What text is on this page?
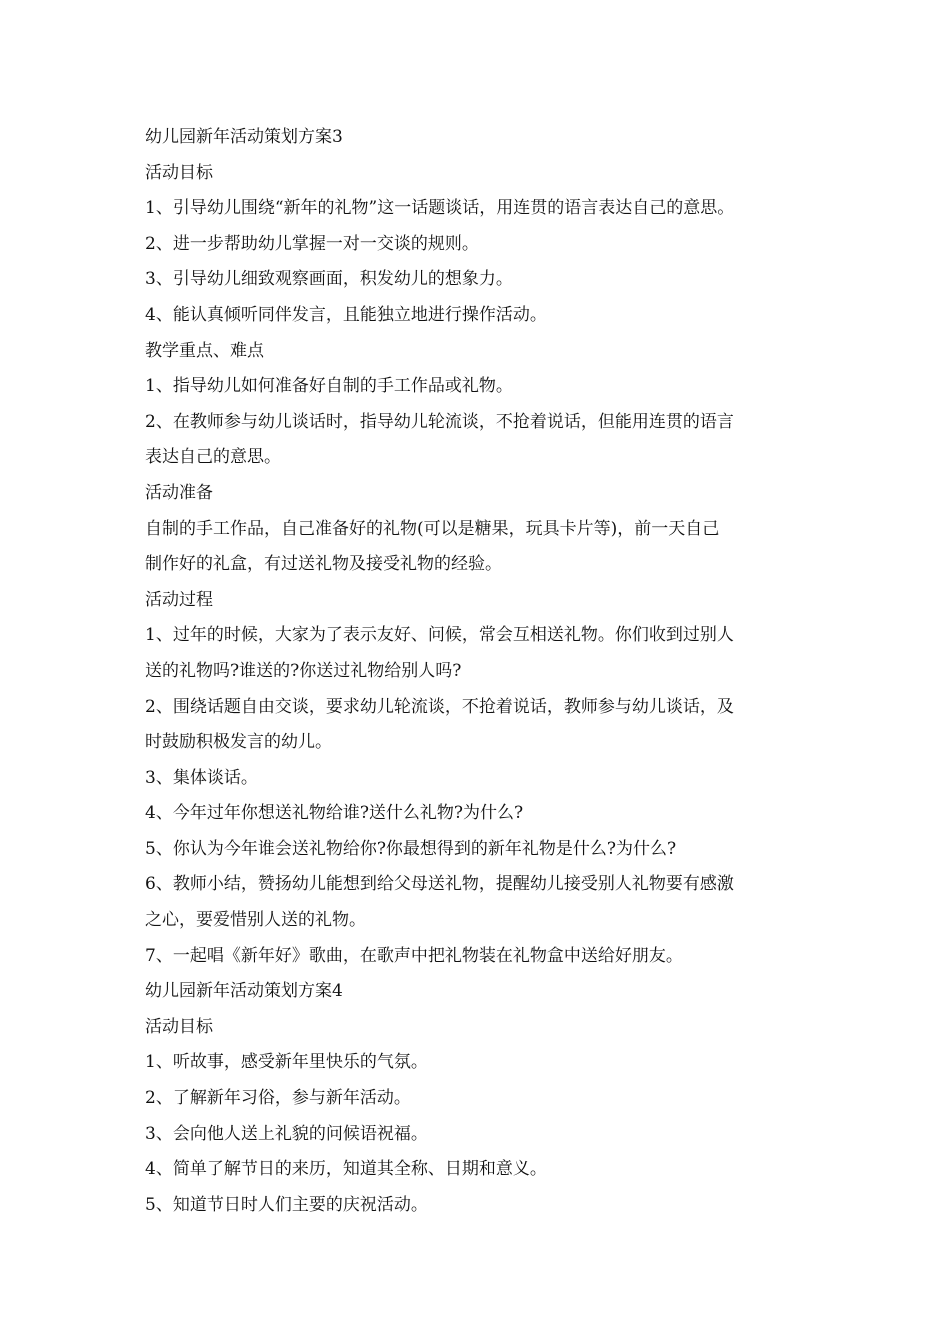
幼儿园新年活动策划方案3
活动目标
1、引导幼儿围绕“新年的礼物”这一话题谈话，用连贯的语言表达自己的意思。
2、进一步帮助幼儿掌握一对一交谈的规则。
3、引导幼儿细致观察画面，积发幼儿的想象力。
4、能认真倾听同伴发言，且能独立地进行操作活动。
教学重点、难点
1、指导幼儿如何准备好自制的手工作品或礼物。
2、在教师参与幼儿谈话时，指导幼儿轮流谈，不抢着说话，但能用连贯的语言
表达自己的意思。
活动准备
自制的手工作品，自己准备好的礼物(可以是糖果，玩具卡片等)，前一天自己
制作好的礼盒，有过送礼物及接受礼物的经验。
活动过程
1、过年的时候，大家为了表示友好、问候，常会互相送礼物。你们收到过别人
送的礼物吗?谁送的?你送过礼物给别人吗?
2、围绕话题自由交谈，要求幼儿轮流谈，不抢着说话，教师参与幼儿谈话，及
时鼓励积极发言的幼儿。
3、集体谈话。
4、今年过年你想送礼物给谁?送什么礼物?为什么?
5、你认为今年谁会送礼物给你?你最想得到的新年礼物是什么?为什么?
6、教师小结，赞扬幼儿能想到给父母送礼物，提醒幼儿接受别人礼物要有感激
之心，要爱惜别人送的礼物。
7、一起唱《新年好》歌曲，在歌声中把礼物装在礼物盒中送给好朋友。
幼儿园新年活动策划方案4
活动目标
1、听故事，感受新年里快乐的气氛。
2、了解新年习俗，参与新年活动。
3、会向他人送上礼貌的问候语祝福。
4、简单了解节日的来历，知道其全称、日期和意义。
5、知道节日时人们主要的庆祝活动。
